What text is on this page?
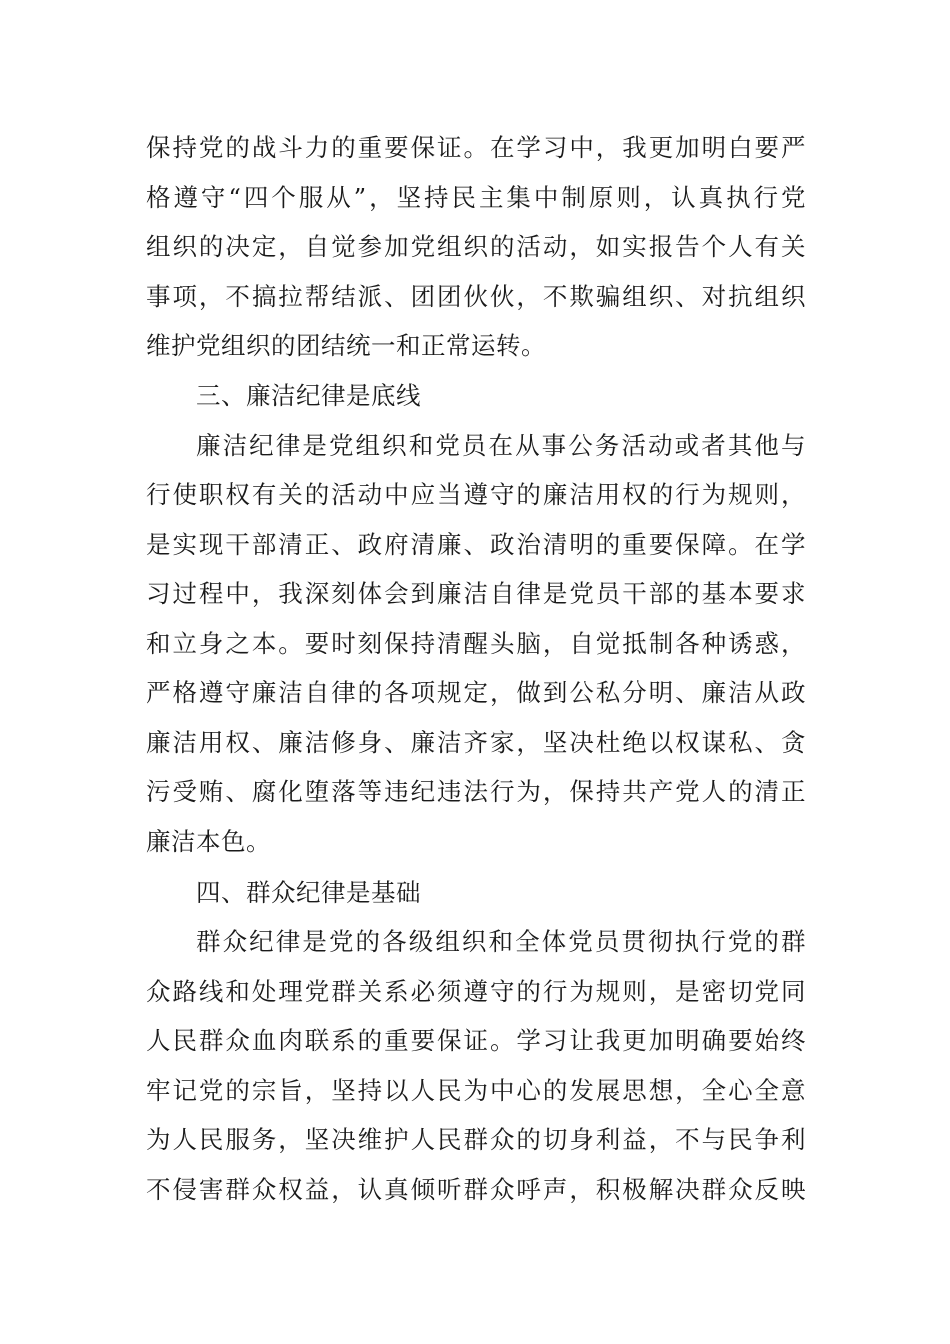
保持党的战斗力的重要保证。在学习中，我更加明白要严
格遵守“四个服从”，坚持民主集中制原则，认真执行党
组织的决定，自觉参加党组织的活动，如实报告个人有关
事项，不搞拉帮结派、团团伙伙，不欺骗组织、对抗组织
维护党组织的团结统一和正常运转。
三、廉洁纪律是底线
廉洁纪律是党组织和党员在从事公务活动或者其他与
行使职权有关的活动中应当遵守的廉洁用权的行为规则，
是实现干部清正、政府清廉、政治清明的重要保障。在学
习过程中，我深刻体会到廉洁自律是党员干部的基本要求
和立身之本。要时刻保持清醒头脑，自觉抵制各种诱惑，
严格遵守廉洁自律的各项规定，做到公私分明、廉洁从政
廉洁用权、廉洁修身、廉洁齐家，坚决杜绝以权谋私、贪
污受贿、腐化堕落等违纪违法行为，保持共产党人的清正
廉洁本色。
四、群众纪律是基础
群众纪律是党的各级组织和全体党员贯彻执行党的群
众路线和处理党群关系必须遵守的行为规则，是密切党同
人民群众血肉联系的重要保证。学习让我更加明确要始终
牢记党的宗旨，坚持以人民为中心的发展思想，全心全意
为人民服务，坚决维护人民群众的切身利益，不与民争利
不侵害群众权益，认真倾听群众呼声，积极解决群众反映
